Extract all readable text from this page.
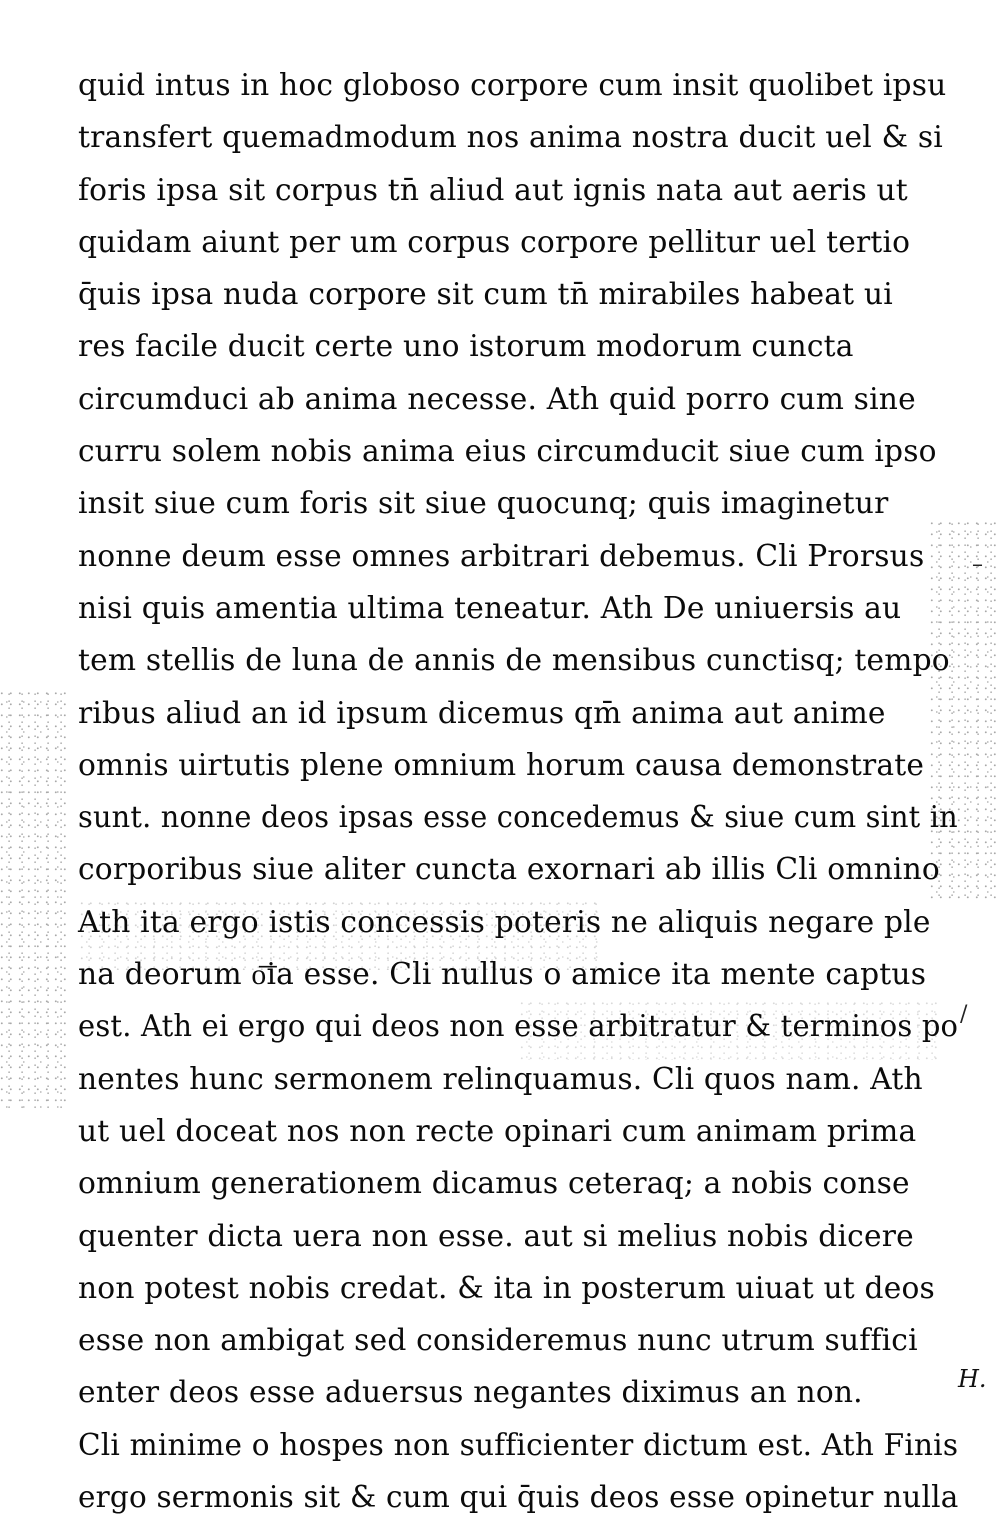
quid intus in hoc globoso corpore cum insit quolibet ipsu
transfert quemadmodum nos anima nostra ducit uel & si
foris ipsa sit corpus tn̄ aliud aut ignis nata aut aeris ut
quidam aiunt per um corpus corpore pellitur uel tertio
q̄uis ipsa nuda corpore sit cum tn̄ mirabiles habeat ui
res facile ducit certe uno istorum modorum cuncta
circumduci ab anima necesse. Ath quid porro cum sine
curru solem nobis anima eius circumducit siue cum ipso
insit siue cum foris sit siue quocunq; quis imaginetur
nonne deum esse omnes arbitrari debemus. Cli Prorsus
nisi quis amentia ultima teneatur. Ath De uniuersis au
tem stellis de luna de annis de mensibus cunctisq; tempo
ribus aliud an id ipsum dicemus qm̄ anima aut anime
omnis uirtutis plene omnium horum causa demonstrate
sunt. nonne deos ipsas esse concedemus & siue cum sint in
corporibus siue aliter cuncta exornari ab illis Cli omnino
Ath ita ergo istis concessis poteris ne aliquis negare ple
na deorum o͞ia esse. Cli nullus o amice ita mente captus
est. Ath ei ergo qui deos non esse arbitratur & terminos po
nentes hunc sermonem relinquamus. Cli quos nam. Ath
ut uel doceat nos non recte opinari cum animam prima
omnium generationem dicamus ceteraq; a nobis conse
quenter dicta uera non esse. aut si melius nobis dicere
non potest nobis credat. & ita in posterum uiuat ut deos
esse non ambigat sed consideremus nunc utrum suffici
enter deos esse aduersus negantes diximus an non.
Cli minime o hospes non sufficienter dictum est. Ath Finis
ergo sermonis sit & cum qui q̄uis deos esse opinetur nulla
–
/
H.
